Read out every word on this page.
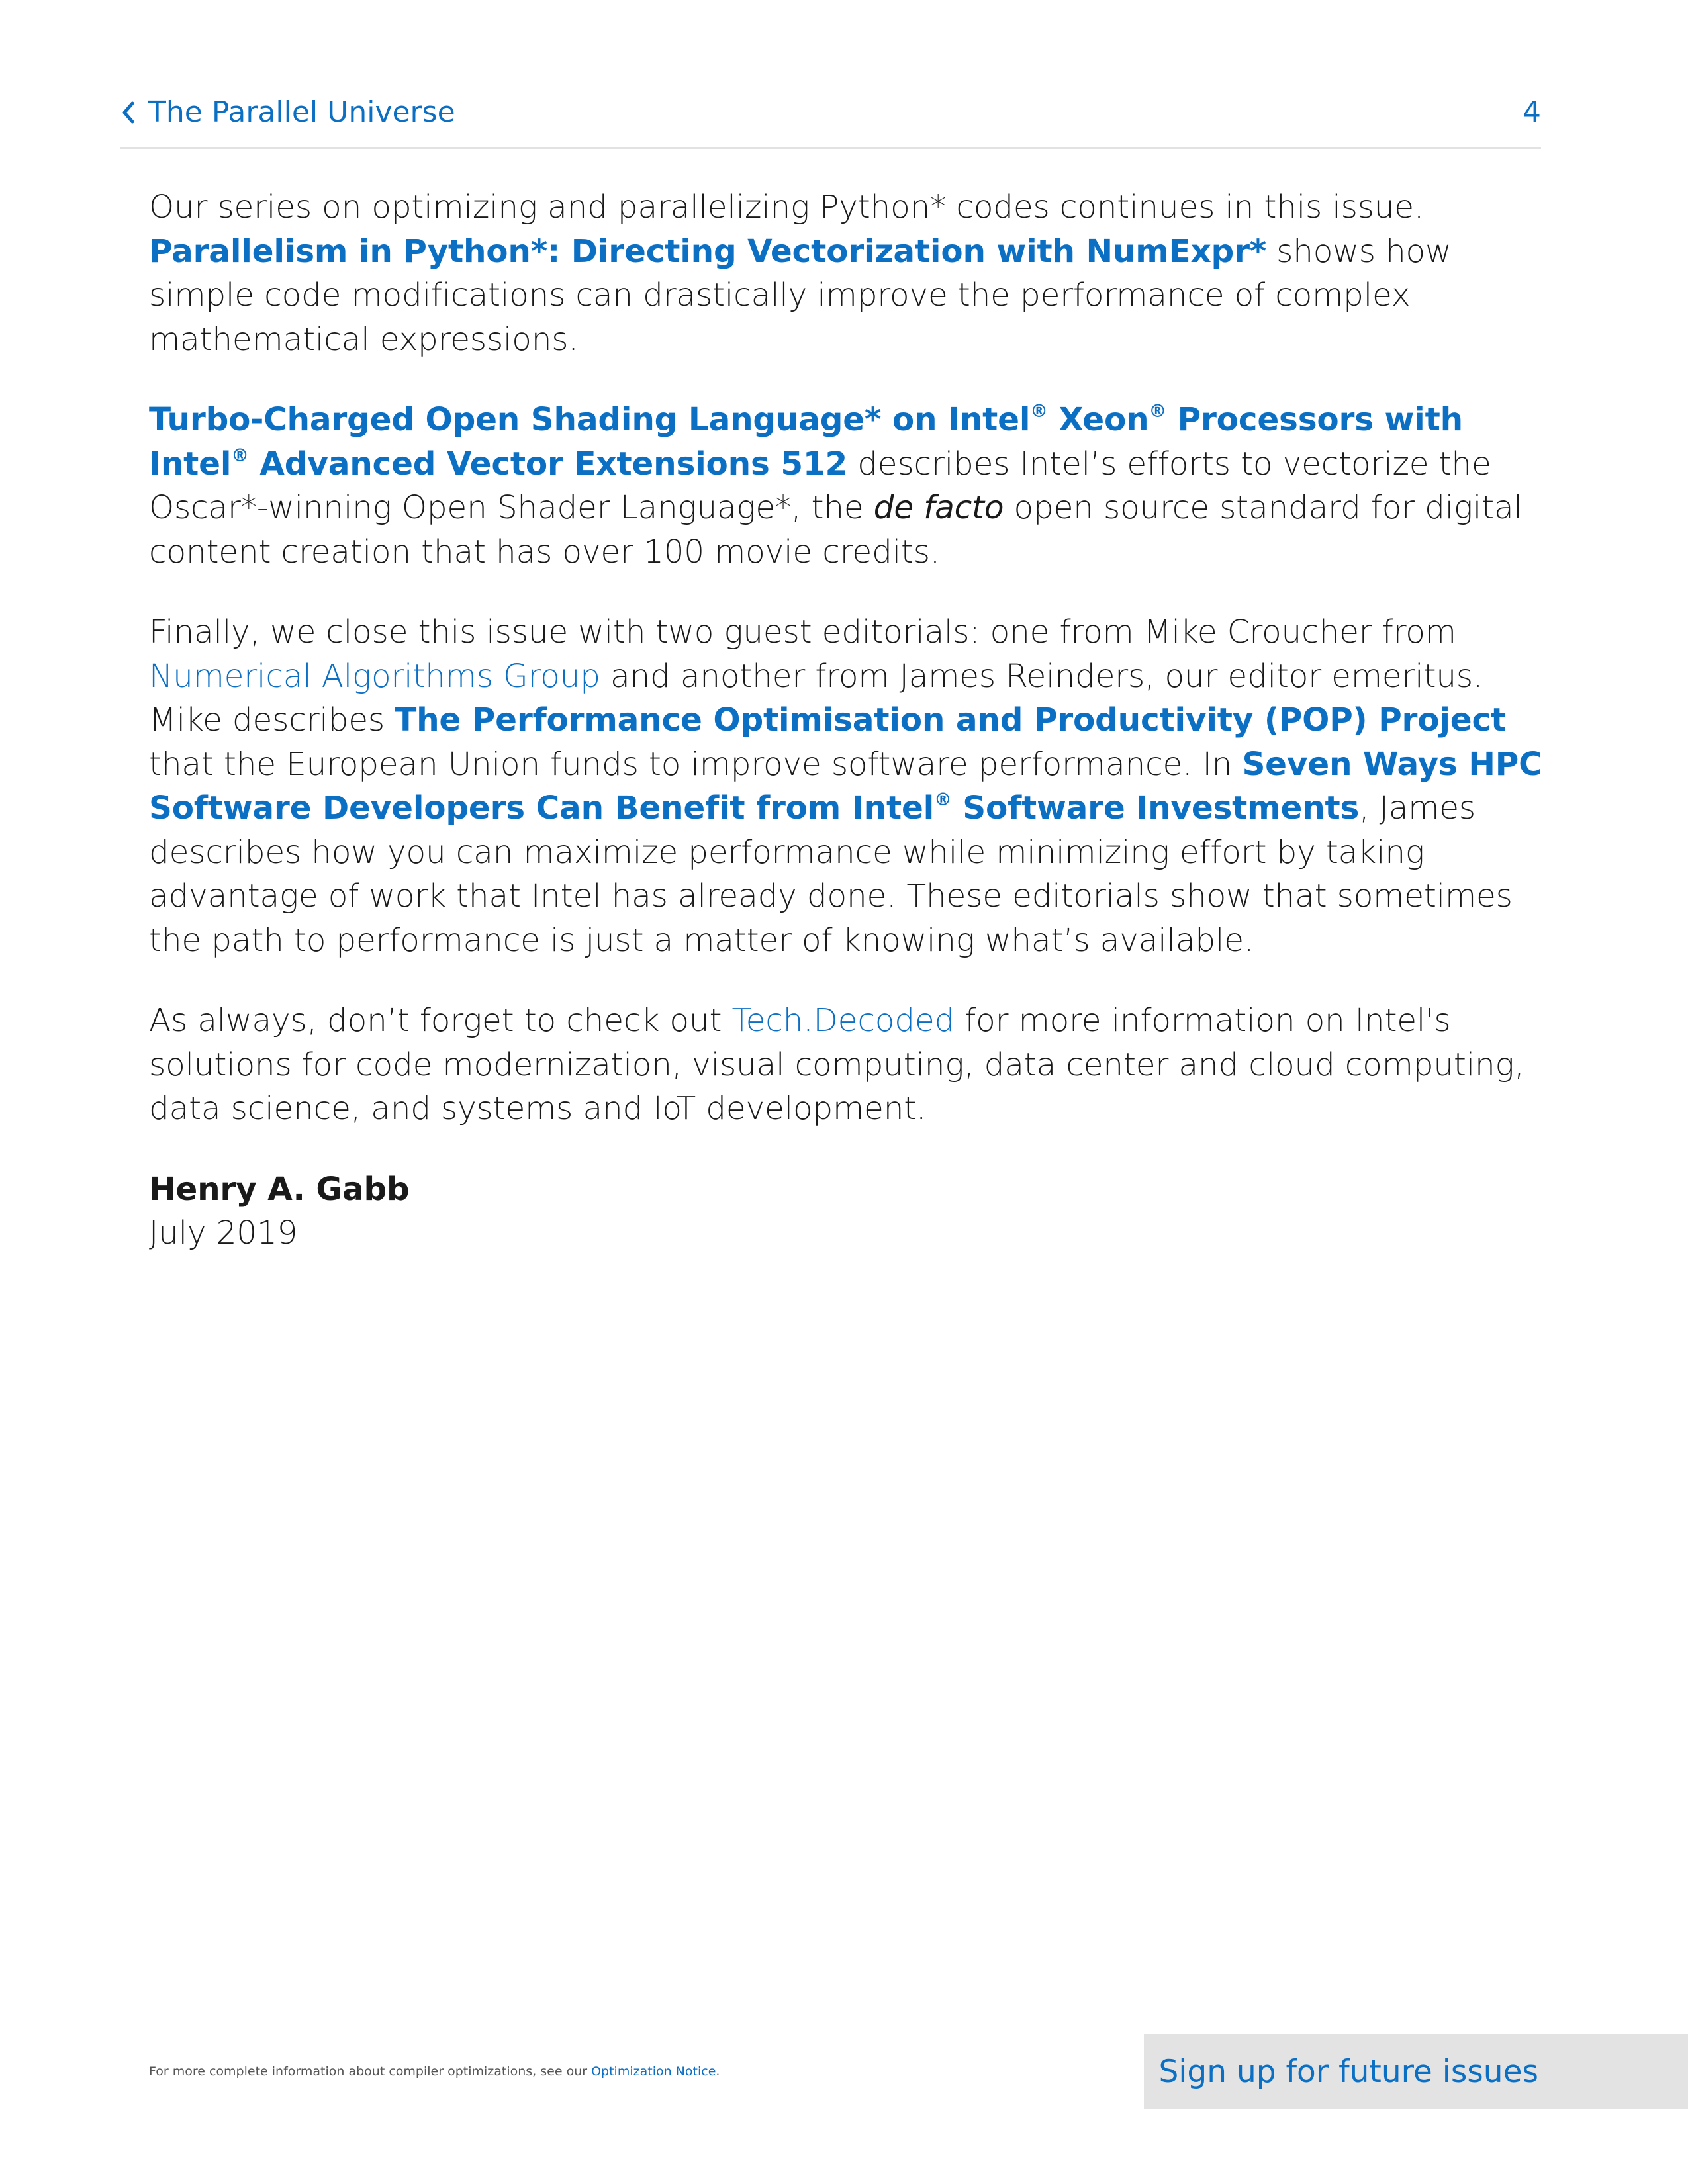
The Parallel Universe	4

Our series on optimizing and parallelizing Python* codes continues in this issue. Parallelism in Python*: Directing Vectorization with NumExpr* shows how simple code modifications can drastically improve the performance of complex mathematical expressions.

Turbo-Charged Open Shading Language* on Intel® Xeon® Processors with Intel® Advanced Vector Extensions 512 describes Intel’s efforts to vectorize the Oscar*-winning Open Shader Language*, the de facto open source standard for digital content creation that has over 100 movie credits.

Finally, we close this issue with two guest editorials: one from Mike Croucher from Numerical Algorithms Group and another from James Reinders, our editor emeritus. Mike describes The Performance Optimisation and Productivity (POP) Project that the European Union funds to improve software performance. In Seven Ways HPC Software Developers Can Benefit from Intel® Software Investments, James describes how you can maximize performance while minimizing effort by taking advantage of work that Intel has already done. These editorials show that sometimes the path to performance is just a matter of knowing what’s available.

As always, don’t forget to check out Tech.Decoded for more information on Intel's solutions for code modernization, visual computing, data center and cloud computing, data science, and systems and IoT development.

Henry A. Gabb
July 2019

For more complete information about compiler optimizations, see our Optimization Notice.	Sign up for future issues
